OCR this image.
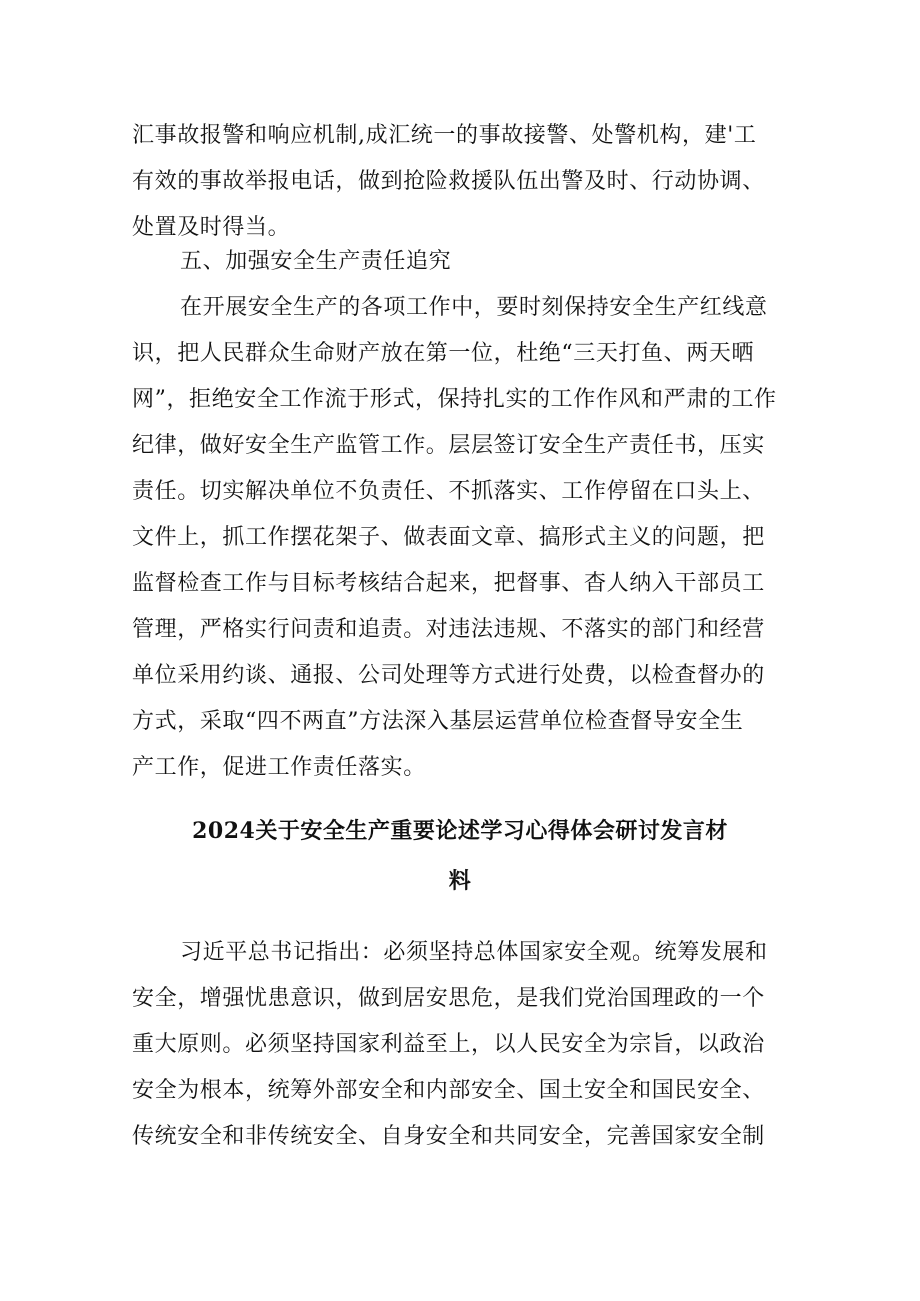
汇事故报警和响应机制,成汇统一的事故接警、处警机构，建'工
有效的事故举报电话，做到抢险救援队伍出警及时、行动协调、
处置及时得当。
五、加强安全生产责任追究
在开展安全生产的各项工作中，要时刻保持安全生产红线意
识，把人民群众生命财产放在第一位，杜绝“三天打鱼、两天晒
网”，拒绝安全工作流于形式，保持扎实的工作作风和严肃的工作
纪律，做好安全生产监管工作。层层签订安全生产责任书，压实
责任。切实解决单位不负责任、不抓落实、工作停留在口头上、
文件上，抓工作摆花架子、做表面文章、搞形式主义的问题，把
监督检查工作与目标考核结合起来，把督事、杳人纳入干部员工
管理，严格实行问责和追责。对违法违规、不落实的部门和经营
单位采用约谈、通报、公司处理等方式进行处费，以检查督办的
方式，采取“四不两直”方法深入基层运营单位检查督导安全生
产工作，促进工作责任落实。
2024关于安全生产重要论述学习心得体会研讨发言材
料
习近平总书记指出：必须坚持总体国家安全观。统筹发展和
安全，增强忧患意识，做到居安思危，是我们党治国理政的一个
重大原则。必须坚持国家利益至上，以人民安全为宗旨，以政治
安全为根本，统筹外部安全和内部安全、国土安全和国民安全、
传统安全和非传统安全、自身安全和共同安全，完善国家安全制
